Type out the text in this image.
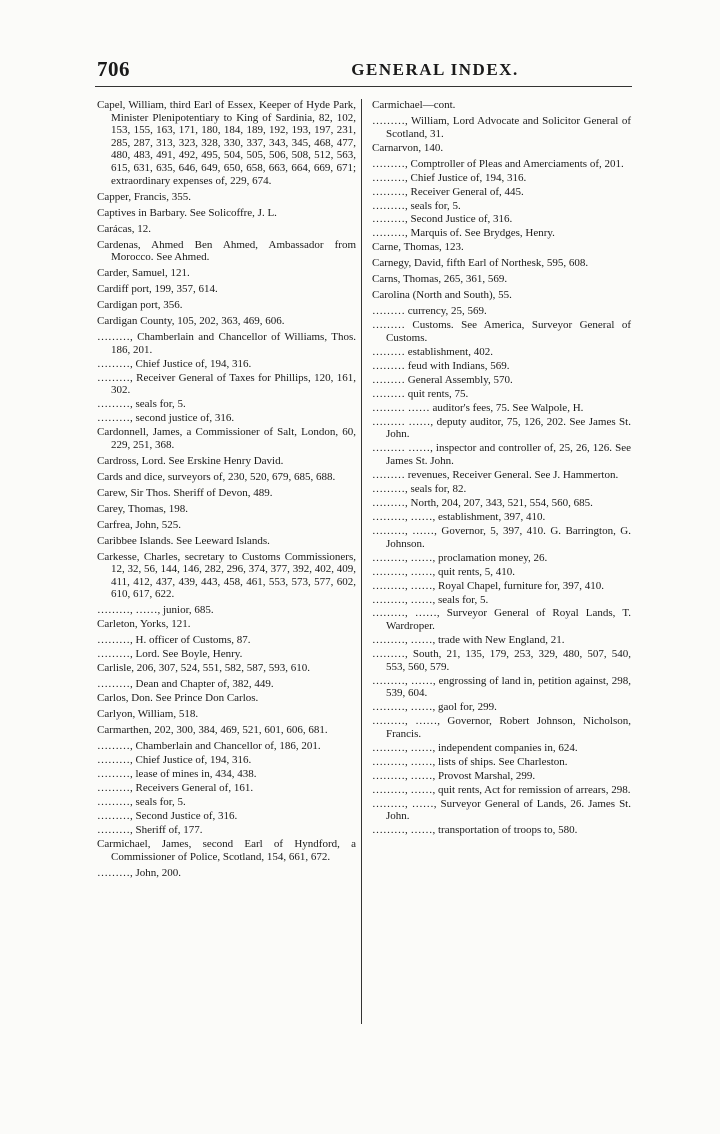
706	GENERAL INDEX.
Capel, William, third Earl of Essex, Keeper of Hyde Park, Minister Plenipotentiary to King of Sardinia, 82, 102, 153, 155, 163, 171, 180, 184, 189, 192, 193, 197, 231, 285, 287, 313, 323, 328, 330, 337, 343, 345, 468, 477, 480, 483, 491, 492, 495, 504, 505, 506, 508, 512, 563, 615, 631, 635, 646, 649, 650, 658, 663, 664, 669, 671; extraordinary expenses of, 229, 674.
Capper, Francis, 355.
Captives in Barbary. See Solicoffre, J. L.
Carácas, 12.
Cardenas, Ahmed Ben Ahmed, Ambassador from Morocco. See Ahmed.
Carder, Samuel, 121.
Cardiff port, 199, 357, 614.
Cardigan port, 356.
Cardigan County, 105, 202, 363, 469, 606.
………, Chamberlain and Chancellor of Williams, Thos. 186, 201.
………, Chief Justice of, 194, 316.
………, Receiver General of Taxes for Phillips, 120, 161, 302.
………, seals for, 5.
………, second justice of, 316.
Cardonnell, James, a Commissioner of Salt, London, 60, 229, 251, 368.
Cardross, Lord. See Erskine Henry David.
Cards and dice, surveyors of, 230, 520, 679, 685, 688.
Carew, Sir Thos. Sheriff of Devon, 489.
Carey, Thomas, 198.
Carfrea, John, 525.
Caribbee Islands. See Leeward Islands.
Carkesse, Charles, secretary to Customs Commissioners, 12, 32, 56, 144, 146, 282, 296, 374, 377, 392, 402, 409, 411, 412, 437, 439, 443, 458, 461, 553, 573, 577, 602, 610, 617, 622.
………, ……, junior, 685.
Carleton, Yorks, 121.
………, H. officer of Customs, 87.
………, Lord. See Boyle, Henry.
Carlisle, 206, 307, 524, 551, 582, 587, 593, 610.
………, Dean and Chapter of, 382, 449.
Carlos, Don. See Prince Don Carlos.
Carlyon, William, 518.
Carmarthen, 202, 300, 384, 469, 521, 601, 606, 681.
………, Chamberlain and Chancellor of, 186, 201.
………, Chief Justice of, 194, 316.
………, lease of mines in, 434, 438.
………, Receivers General of, 161.
………, seals for, 5.
………, Second Justice of, 316.
………, Sheriff of, 177.
Carmichael, James, second Earl of Hyndford, a Commissioner of Police, Scotland, 154, 661, 672.
………, John, 200.
Carmichael—cont.
………, William, Lord Advocate and Solicitor General of Scotland, 31.
Carnarvon, 140.
………, Comptroller of Pleas and Amerciaments of, 201.
………, Chief Justice of, 194, 316.
………, Receiver General of, 445.
………, seals for, 5.
………, Second Justice of, 316.
………, Marquis of. See Brydges, Henry.
Carne, Thomas, 123.
Carnegy, David, fifth Earl of Northesk, 595, 608.
Carns, Thomas, 265, 361, 569.
Carolina (North and South), 55.
……… currency, 25, 569.
……… Customs. See America, Surveyor General of Customs.
……… establishment, 402.
……… feud with Indians, 569.
……… General Assembly, 570.
……… quit rents, 75.
……… …… auditor's fees, 75. See Walpole, H.
……… ……, deputy auditor, 75, 126, 202. See James St. John.
……… ……, inspector and controller of, 25, 26, 126. See James St. John.
……… revenues, Receiver General. See J. Hammerton.
………, seals for, 82.
………, North, 204, 207, 343, 521, 554, 560, 685.
………, ……, establishment, 397, 410.
………, ……, Governor, 5, 397, 410. G. Barrington, G. Johnson.
………, ……, proclamation money, 26.
………, ……, quit rents, 5, 410.
………, ……, Royal Chapel, furniture for, 397, 410.
………, ……, seals for, 5.
………, ……, Surveyor General of Royal Lands, T. Wardroper.
………, ……, trade with New England, 21.
………, South, 21, 135, 179, 253, 329, 480, 507, 540, 553, 560, 579.
………, ……, engrossing of land in, petition against, 298, 539, 604.
………, ……, gaol for, 299.
………, ……, Governor, Robert Johnson, Nicholson, Francis.
………, ……, independent companies in, 624.
………, ……, lists of ships. See Charleston.
………, ……, Provost Marshal, 299.
………, ……, quit rents, Act for remission of arrears, 298.
………, ……, Surveyor General of Lands, 26. James St. John.
………, ……, transportation of troops to, 580.
